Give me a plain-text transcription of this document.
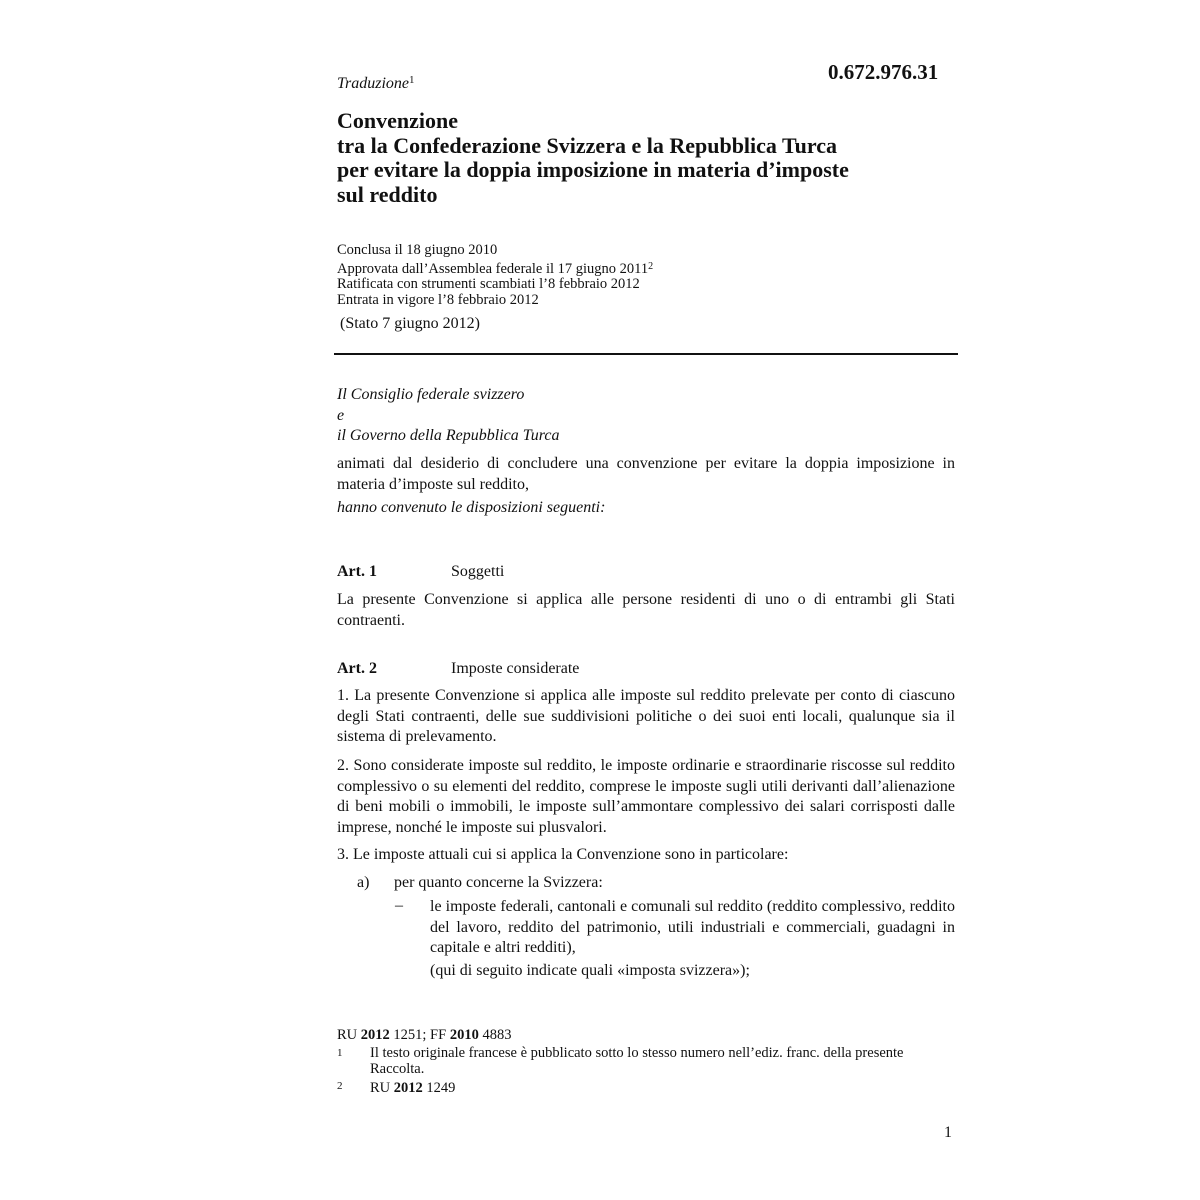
0.672.976.31
Traduzione$^1$
Convenzione
tra la Confederazione Svizzera e la Repubblica Turca
per evitare la doppia imposizione in materia d’imposte
sul reddito
Conclusa il 18 giugno 2010
Approvata dall’Assemblea federale il 17 giugno 2011$^2$
Ratificata con strumenti scambiati l’8 febbraio 2012
Entrata in vigore l’8 febbraio 2012
(Stato 7 giugno 2012)
Il Consiglio federale svizzero
e
il Governo della Repubblica Turca
animati dal desiderio di concludere una convenzione per evitare la doppia imposizione in materia d’imposte sul reddito,
hanno convenuto le disposizioni seguenti:
Art. 1	Soggetti
La presente Convenzione si applica alle persone residenti di uno o di entrambi gli Stati contraenti.
Art. 2	Imposte considerate
1. La presente Convenzione si applica alle imposte sul reddito prelevate per conto di ciascuno degli Stati contraenti, delle sue suddivisioni politiche o dei suoi enti locali, qualunque sia il sistema di prelevamento.
2. Sono considerate imposte sul reddito, le imposte ordinarie e straordinarie riscosse sul reddito complessivo o su elementi del reddito, comprese le imposte sugli utili derivanti dall’alienazione di beni mobili o immobili, le imposte sull’ammontare complessivo dei salari corrisposti dalle imprese, nonché le imposte sui plusvalori.
3. Le imposte attuali cui si applica la Convenzione sono in particolare:
a) per quanto concerne la Svizzera:
– le imposte federali, cantonali e comunali sul reddito (reddito complessivo, reddito del lavoro, reddito del patrimonio, utili industriali e commerciali, guadagni in capitale e altri redditi),
(qui di seguito indicate quali «imposta svizzera»);
RU 2012 1251; FF 2010 4883
1	Il testo originale francese è pubblicato sotto lo stesso numero nell’ediz. franc. della presente Raccolta.
2 RU 2012 1249
1
